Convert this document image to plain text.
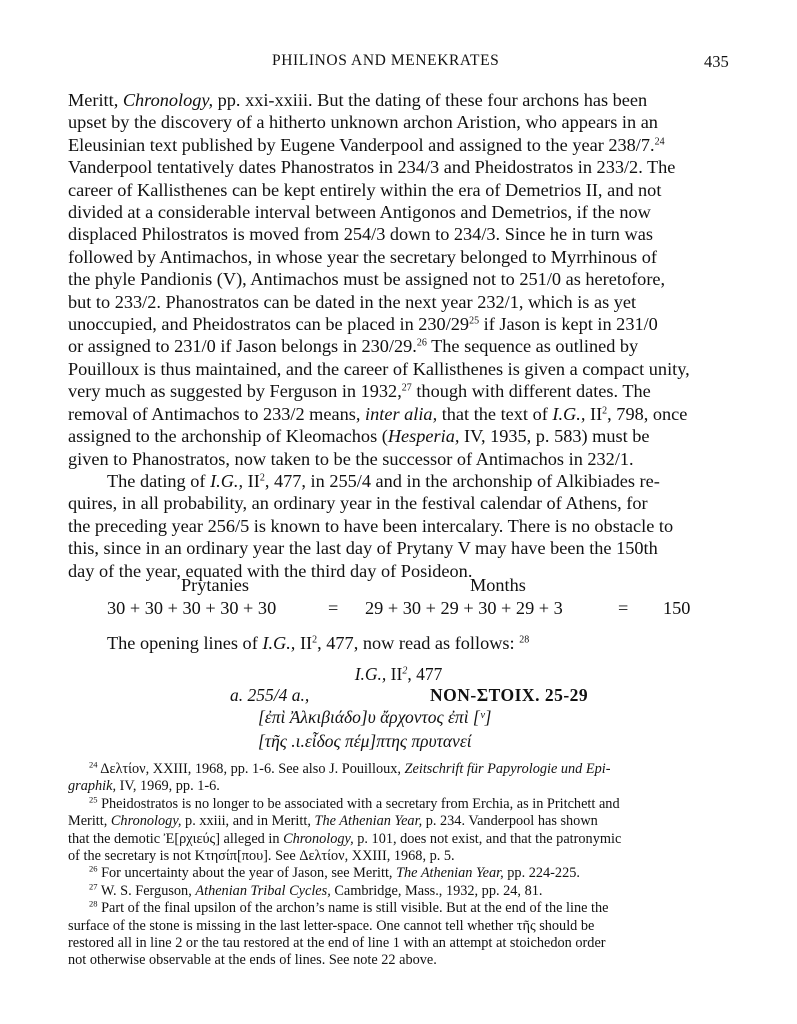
PHILINOS AND MENEKRATES	435

Meritt, Chronology, pp. xxi-xxiii. But the dating of these four archons has been
upset by the discovery of a hitherto unknown archon Aristion, who appears in an
Eleusinian text published by Eugene Vanderpool and assigned to the year 238/7.24
Vanderpool tentatively dates Phanostratos in 234/3 and Pheidostratos in 233/2. The
career of Kallisthenes can be kept entirely within the era of Demetrios II, and not
divided at a considerable interval between Antigonos and Demetrios, if the now
displaced Philostratos is moved from 254/3 down to 234/3. Since he in turn was
followed by Antimachos, in whose year the secretary belonged to Myrrhinous of
the phyle Pandionis (V), Antimachos must be assigned not to 251/0 as heretofore,
but to 233/2. Phanostratos can be dated in the next year 232/1, which is as yet
unoccupied, and Pheidostratos can be placed in $230/29^{25}$ if Jason is kept in 231/0
or assigned to 231/0 if Jason belongs in 230/29.26 The sequence as outlined by
Pouilloux is thus maintained, and the career of Kallisthenes is given a compact unity,
very much as suggested by Ferguson in 1932,27 though with different dates. The
removal of Antimachos to 233/2 means, inter alia, that the text of I.G., $II^2$, 798, once
assigned to the archonship of Kleomachos (Hesperia, IV, 1935, p. 583) must be
given to Phanostratos, now taken to be the successor of Antimachos in 232/1.

The dating of I.G., $II^2$, 477, in 255/4 and in the archonship of Alkibiades re-
quires, in all probability, an ordinary year in the festival calendar of Athens, for
the preceding year 256/5 is known to have been intercalary. There is no obstacle to
this, since in an ordinary year the last day of Prytany V may have been the 150th
day of the year, equated with the third day of Posideon.

Prytanies	Months
30 + 30 + 30 + 30 + 30	= 29 + 30 + 29 + 30 + 29 + 3	= 150
The opening lines of I.G., $II^2$, 477, now read as follows: $^{28}$
I.G., $II^2$, 477
a. 255/4 a.,	NON-ΣΤΟΙΧ. 25-29
[ἐπὶ Ἀλκιβιάδο]υ ἄρχοντος ἐπὶ [ᵛ]
[τῆς .ι.εἶδος πέμ]πτης πρυτανεί

$^{24}$ Δελτίον, XXIII, 1968, pp. 1-6. See also J. Pouilloux, Zeitschrift für Papyrologie und Epi-
graphik, IV, 1969, pp. 1-6.

$^{25}$ Pheidostratos is no longer to be associated with a secretary from Erchia, as in Pritchett and
Meritt, Chronology, p. xxiii, and in Meritt, The Athenian Year, p. 234. Vanderpool has shown
that the demotic Ἐ[ρχιεύς] alleged in Chronology, p. 101, does not exist, and that the patronymic
of the secretary is not Κτησίπ[που]. See Δελτίον, XXIII, 1968, p. 5.

$^{26}$ For uncertainty about the year of Jason, see Meritt, The Athenian Year, pp. 224-225.

$^{27}$ W. S. Ferguson, Athenian Tribal Cycles, Cambridge, Mass., 1932, pp. 24, 81.

$^{28}$ Part of the final upsilon of the archon’s name is still visible. But at the end of the line the
surface of the stone is missing in the last letter-space. One cannot tell whether τῆς should be
restored all in line 2 or the tau restored at the end of line 1 with an attempt at stoichedon order
not otherwise observable at the ends of lines. See note 22 above.
